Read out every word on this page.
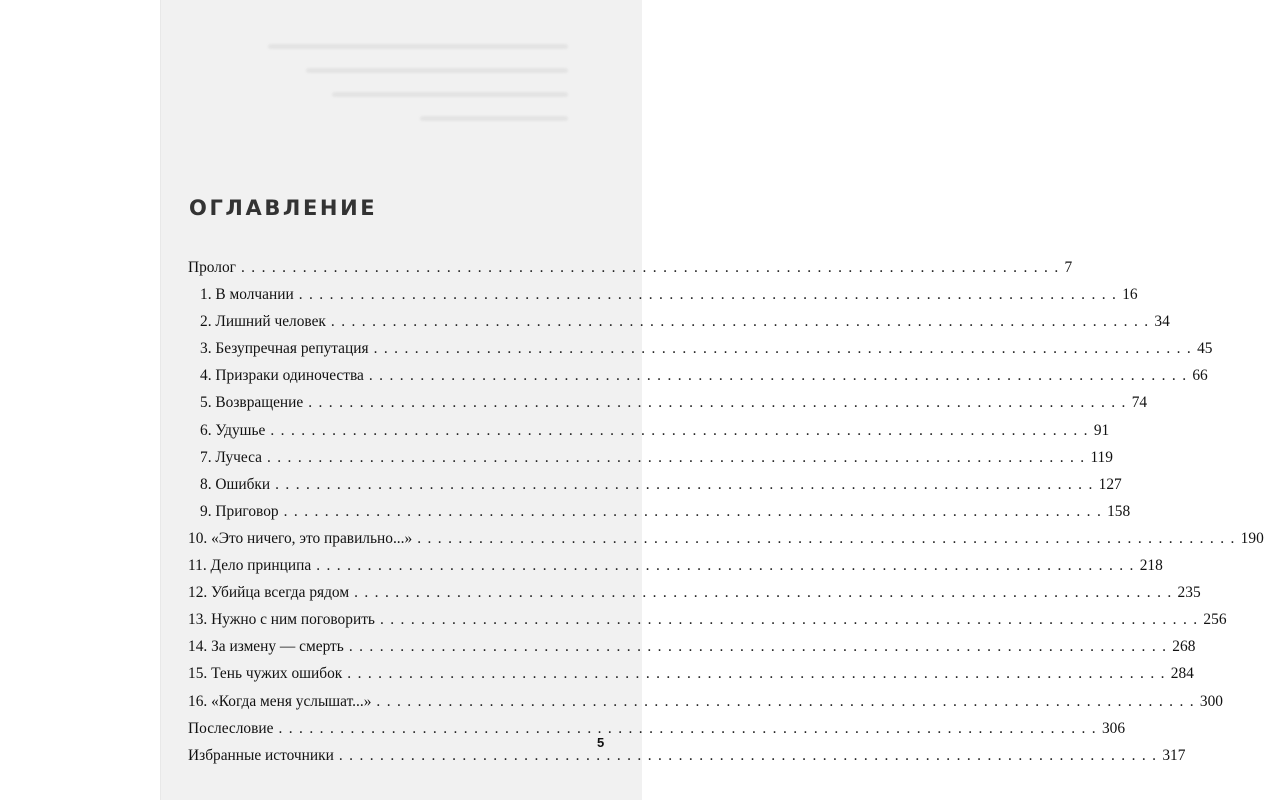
ОГЛАВЛЕНИЕ
Пролог . . . . . . . . . . . . . . . . . . . . . . . . . . . . . . . . . . . . . . . . . . . . . . . . . . . . . . . . . . . . . . . . . . . . . . . . . . . . . . . . 7
1. В молчании . . . . . . . . . . . . . . . . . . . . . . . . . . . . . . . . . . . . . . . . . . . . . . . . . . . . . . . . . . . . . . . . . . . . . . . . . . . . . . . . 16
2. Лишний человек . . . . . . . . . . . . . . . . . . . . . . . . . . . . . . . . . . . . . . . . . . . . . . . . . . . . . . . . . . . . . . . . . . . . . . . . . . . . . . . . 34
3. Безупречная репутация . . . . . . . . . . . . . . . . . . . . . . . . . . . . . . . . . . . . . . . . . . . . . . . . . . . . . . . . . . . . . . . . . . . . . . . . . . . . . . . . 45
4. Призраки одиночества . . . . . . . . . . . . . . . . . . . . . . . . . . . . . . . . . . . . . . . . . . . . . . . . . . . . . . . . . . . . . . . . . . . . . . . . . . . . . . . . 66
5. Возвращение . . . . . . . . . . . . . . . . . . . . . . . . . . . . . . . . . . . . . . . . . . . . . . . . . . . . . . . . . . . . . . . . . . . . . . . . . . . . . . . . 74
6. Удушье . . . . . . . . . . . . . . . . . . . . . . . . . . . . . . . . . . . . . . . . . . . . . . . . . . . . . . . . . . . . . . . . . . . . . . . . . . . . . . . . 91
7. Лучеса . . . . . . . . . . . . . . . . . . . . . . . . . . . . . . . . . . . . . . . . . . . . . . . . . . . . . . . . . . . . . . . . . . . . . . . . . . . . . . . . 119
8. Ошибки . . . . . . . . . . . . . . . . . . . . . . . . . . . . . . . . . . . . . . . . . . . . . . . . . . . . . . . . . . . . . . . . . . . . . . . . . . . . . . . . 127
9. Приговор . . . . . . . . . . . . . . . . . . . . . . . . . . . . . . . . . . . . . . . . . . . . . . . . . . . . . . . . . . . . . . . . . . . . . . . . . . . . . . . . 158
10. «Это ничего, это правильно...» . . . . . . . . . . . . . . . . . . . . . . . . . . . . . . . . . . . . . . . . . . . . . . . . . . . . . . . . . . . . . . . . . . . . . . . . . . . . . . . . 190
11. Дело принципа . . . . . . . . . . . . . . . . . . . . . . . . . . . . . . . . . . . . . . . . . . . . . . . . . . . . . . . . . . . . . . . . . . . . . . . . . . . . . . . . 218
12. Убийца всегда рядом . . . . . . . . . . . . . . . . . . . . . . . . . . . . . . . . . . . . . . . . . . . . . . . . . . . . . . . . . . . . . . . . . . . . . . . . . . . . . . . . 235
13. Нужно с ним поговорить . . . . . . . . . . . . . . . . . . . . . . . . . . . . . . . . . . . . . . . . . . . . . . . . . . . . . . . . . . . . . . . . . . . . . . . . . . . . . . . . 256
14. За измену — смерть . . . . . . . . . . . . . . . . . . . . . . . . . . . . . . . . . . . . . . . . . . . . . . . . . . . . . . . . . . . . . . . . . . . . . . . . . . . . . . . . 268
15. Тень чужих ошибок . . . . . . . . . . . . . . . . . . . . . . . . . . . . . . . . . . . . . . . . . . . . . . . . . . . . . . . . . . . . . . . . . . . . . . . . . . . . . . . . 284
16. «Когда меня услышат...» . . . . . . . . . . . . . . . . . . . . . . . . . . . . . . . . . . . . . . . . . . . . . . . . . . . . . . . . . . . . . . . . . . . . . . . . . . . . . . . . 300
Послесловие . . . . . . . . . . . . . . . . . . . . . . . . . . . . . . . . . . . . . . . . . . . . . . . . . . . . . . . . . . . . . . . . . . . . . . . . . . . . . . . . 306
Избранные источники . . . . . . . . . . . . . . . . . . . . . . . . . . . . . . . . . . . . . . . . . . . . . . . . . . . . . . . . . . . . . . . . . . . . . . . . . . . . . . . . 317
5
